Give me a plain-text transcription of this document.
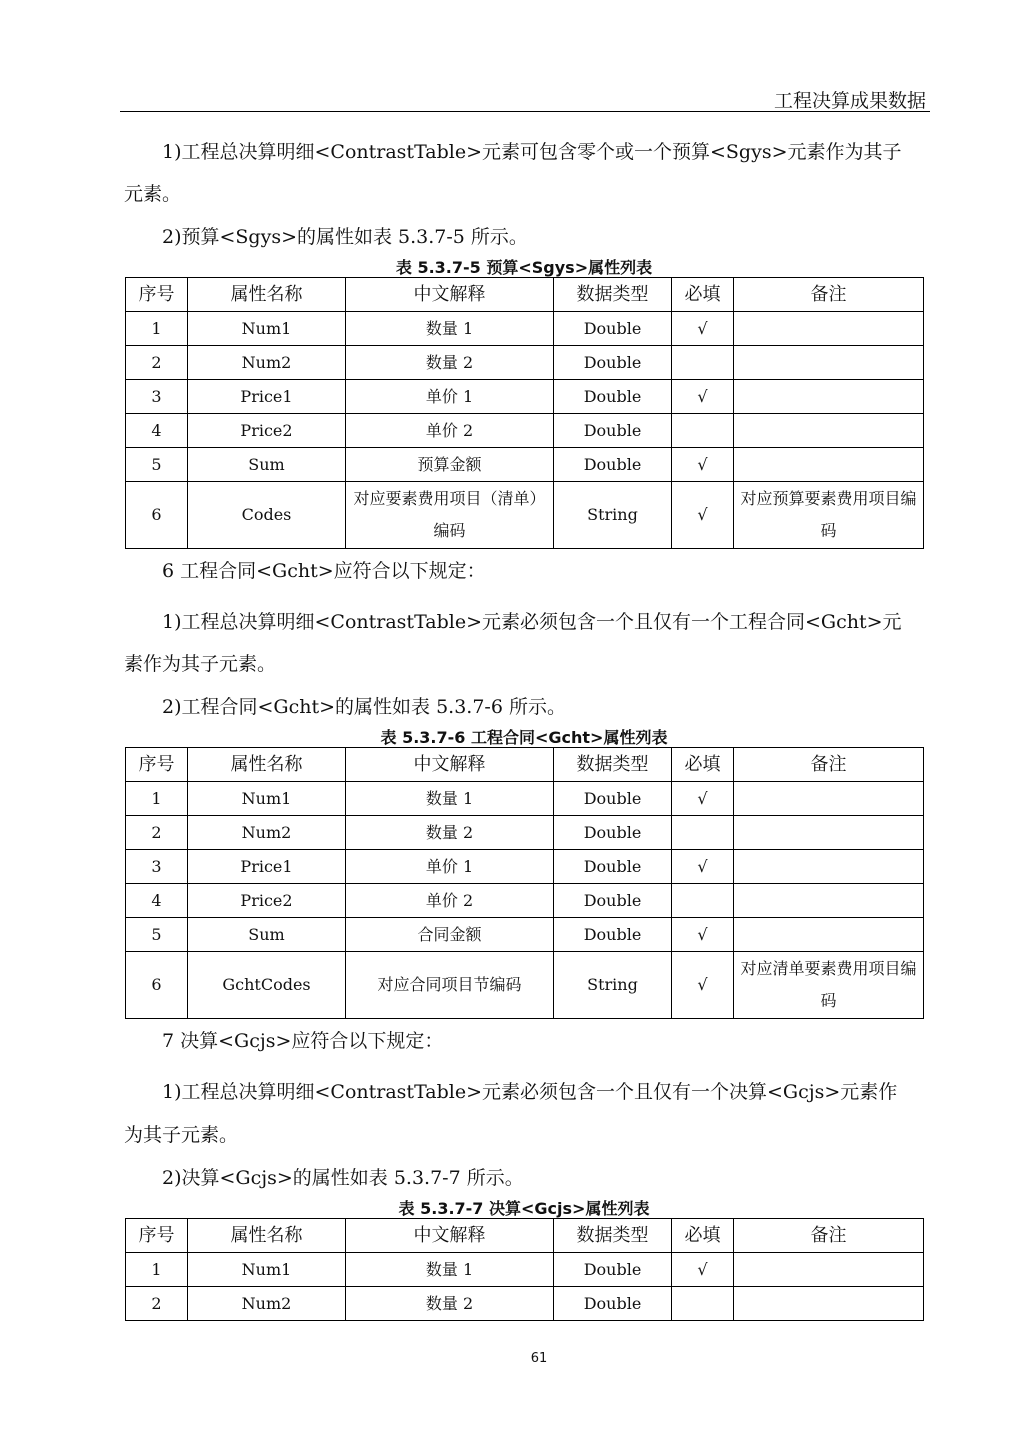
工程决算成果数据
1)工程总决算明细<ContrastTable>元素可包含零个或一个预算<Sgys>元素作为其子
元素。
2)预算<Sgys>的属性如表 5.3.7-5 所示。
表 5.3.7-5 预算<Sgys>属性列表
序号	属性名称	中文解释	数据类型	必填	备注
1	Num1	数量 1	Double	√	
2	Num2	数量 2	Double		
3	Price1	单价 1	Double	√	
4	Price2	单价 2	Double		
5	Sum	预算金额	Double	√	
6	Codes	对应要素费用项目（清单）编码	String	√	对应预算要素费用项目编码
6 工程合同<Gcht>应符合以下规定：
1)工程总决算明细<ContrastTable>元素必须包含一个且仅有一个工程合同<Gcht>元
素作为其子元素。
2)工程合同<Gcht>的属性如表 5.3.7-6 所示。
表 5.3.7-6 工程合同<Gcht>属性列表
序号	属性名称	中文解释	数据类型	必填	备注
1	Num1	数量 1	Double	√	
2	Num2	数量 2	Double		
3	Price1	单价 1	Double	√	
4	Price2	单价 2	Double		
5	Sum	合同金额	Double	√	
6	GchtCodes	对应合同项目节编码	String	√	对应清单要素费用项目编码
7 决算<Gcjs>应符合以下规定：
1)工程总决算明细<ContrastTable>元素必须包含一个且仅有一个决算<Gcjs>元素作
为其子元素。
2)决算<Gcjs>的属性如表 5.3.7-7 所示。
表 5.3.7-7 决算<Gcjs>属性列表
序号	属性名称	中文解释	数据类型	必填	备注
1	Num1	数量 1	Double	√	
2	Num2	数量 2	Double		
61
